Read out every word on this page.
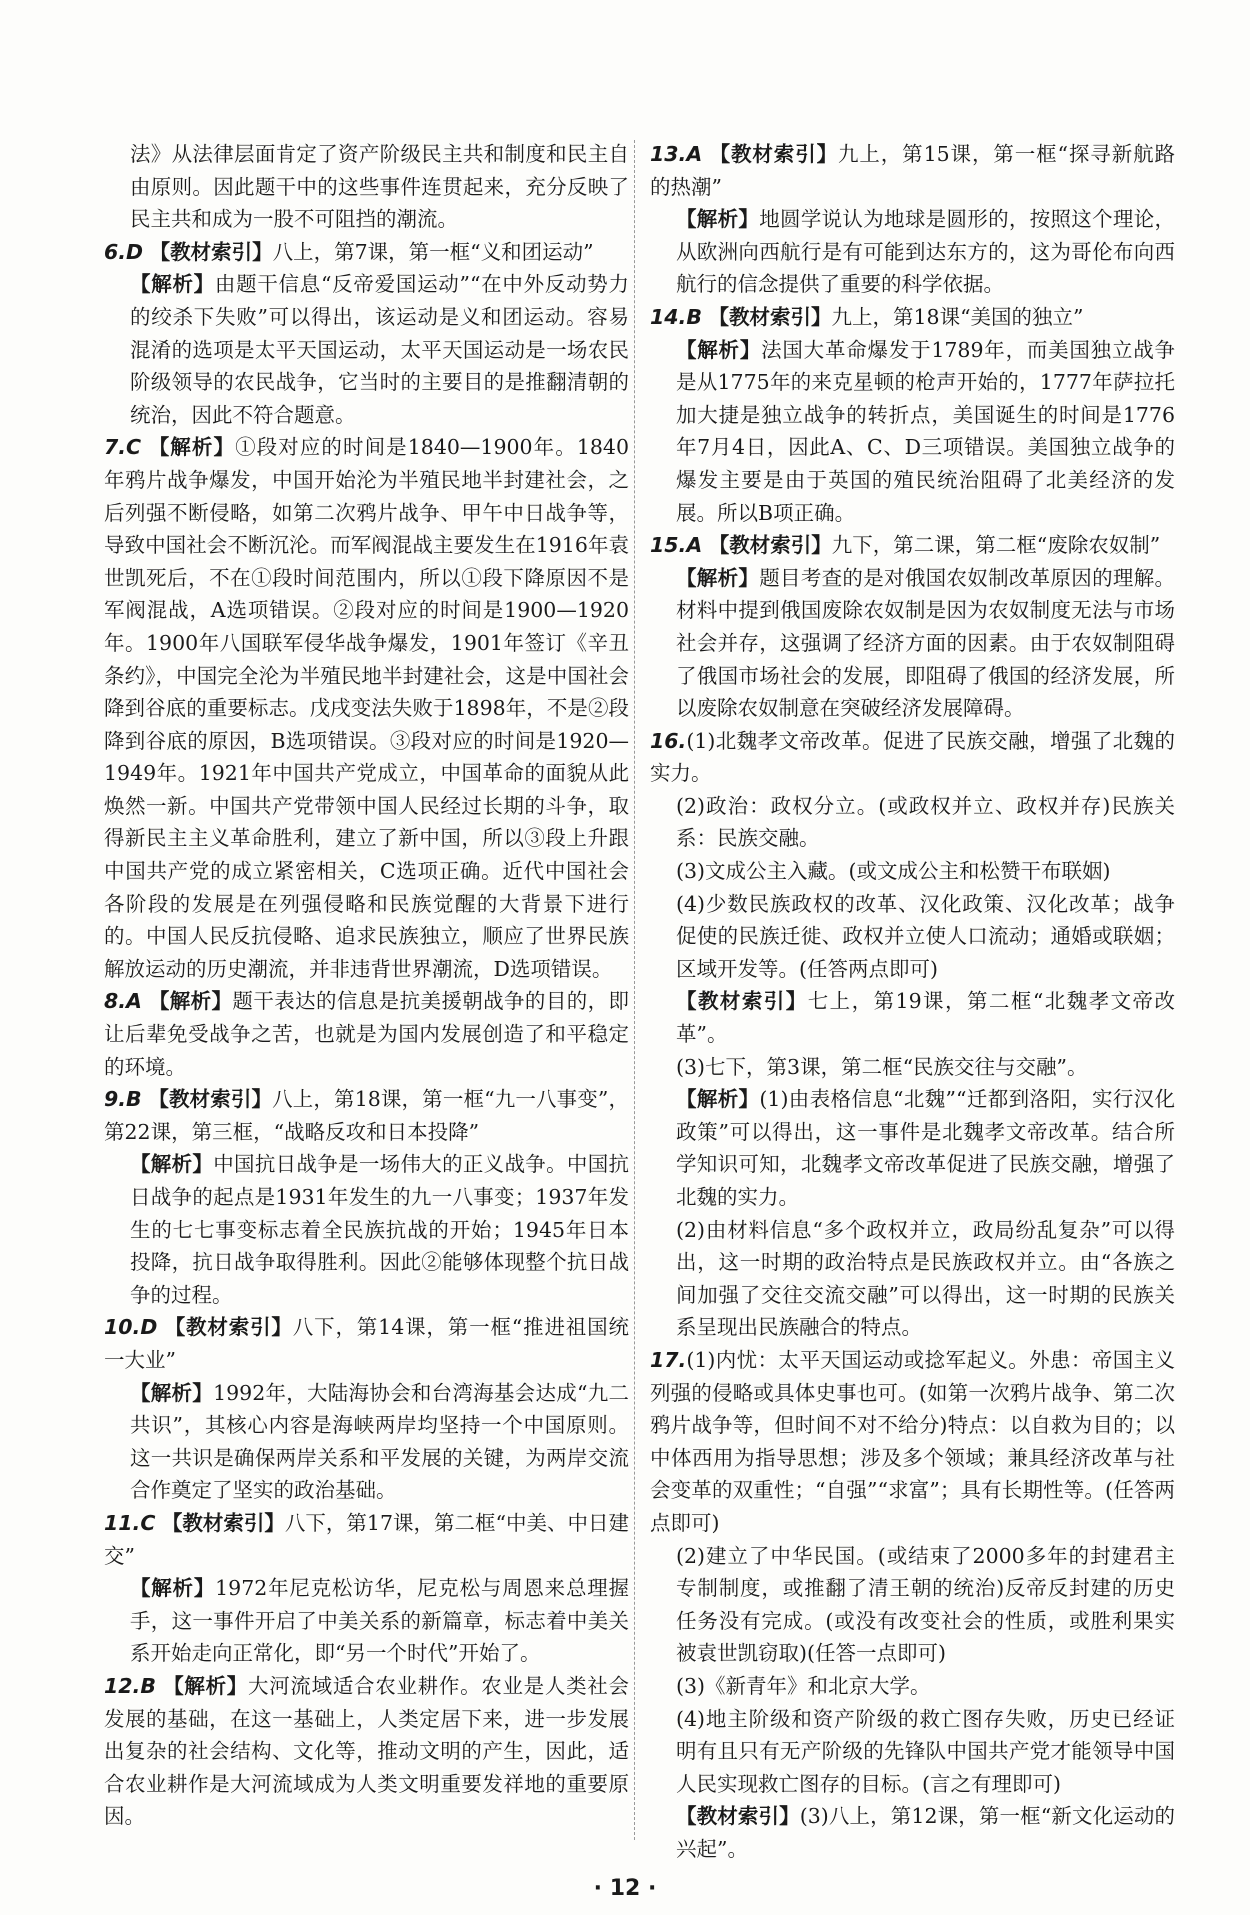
法》从法律层面肯定了资产阶级民主共和制度和民主自由原则。因此题干中的这些事件连贯起来，充分反映了民主共和成为一股不可阻挡的潮流。

6.D 【教材索引】八上，第7课，第一框“义和团运动”

【解析】由题干信息“反帝爱国运动”“在中外反动势力的绞杀下失败”可以得出，该运动是义和团运动。容易混淆的选项是太平天国运动，太平天国运动是一场农民阶级领导的农民战争，它当时的主要目的是推翻清朝的统治，因此不符合题意。

7.C 【解析】①段对应的时间是1840—1900年。1840年鸦片战争爆发，中国开始沦为半殖民地半封建社会，之后列强不断侵略，如第二次鸦片战争、甲午中日战争等，导致中国社会不断沉沦。而军阀混战主要发生在1916年袁世凯死后，不在①段时间范围内，所以①段下降原因不是军阀混战，A选项错误。②段对应的时间是1900—1920年。1900年八国联军侵华战争爆发，1901年签订《辛丑条约》，中国完全沦为半殖民地半封建社会，这是中国社会降到谷底的重要标志。戊戌变法失败于1898年，不是②段降到谷底的原因，B选项错误。③段对应的时间是1920—1949年。1921年中国共产党成立，中国革命的面貌从此焕然一新。中国共产党带领中国人民经过长期的斗争，取得新民主主义革命胜利，建立了新中国，所以③段上升跟中国共产党的成立紧密相关，C选项正确。近代中国社会各阶段的发展是在列强侵略和民族觉醒的大背景下进行的。中国人民反抗侵略、追求民族独立，顺应了世界民族解放运动的历史潮流，并非违背世界潮流，D选项错误。

8.A 【解析】题干表达的信息是抗美援朝战争的目的，即让后辈免受战争之苦，也就是为国内发展创造了和平稳定的环境。

9.B 【教材索引】八上，第18课，第一框“九一八事变”，第22课，第三框，“战略反攻和日本投降”

【解析】中国抗日战争是一场伟大的正义战争。中国抗日战争的起点是1931年发生的九一八事变；1937年发生的七七事变标志着全民族抗战的开始；1945年日本投降，抗日战争取得胜利。因此②能够体现整个抗日战争的过程。

10.D 【教材索引】八下，第14课，第一框“推进祖国统一大业”

【解析】1992年，大陆海协会和台湾海基会达成“九二共识”，其核心内容是海峡两岸均坚持一个中国原则。这一共识是确保两岸关系和平发展的关键，为两岸交流合作奠定了坚实的政治基础。

11.C 【教材索引】八下，第17课，第二框“中美、中日建交”

【解析】1972年尼克松访华，尼克松与周恩来总理握手，这一事件开启了中美关系的新篇章，标志着中美关系开始走向正常化，即“另一个时代”开始了。

12.B 【解析】大河流域适合农业耕作。农业是人类社会发展的基础，在这一基础上，人类定居下来，进一步发展出复杂的社会结构、文化等，推动文明的产生，因此，适合农业耕作是大河流域成为人类文明重要发祥地的重要原因。

13.A 【教材索引】九上，第15课，第一框“探寻新航路的热潮”

【解析】地圆学说认为地球是圆形的，按照这个理论，从欧洲向西航行是有可能到达东方的，这为哥伦布向西航行的信念提供了重要的科学依据。

14.B 【教材索引】九上，第18课“美国的独立”

【解析】法国大革命爆发于1789年，而美国独立战争是从1775年的来克星顿的枪声开始的，1777年萨拉托加大捷是独立战争的转折点，美国诞生的时间是1776年7月4日，因此A、C、D三项错误。美国独立战争的爆发主要是由于英国的殖民统治阻碍了北美经济的发展。所以B项正确。

15.A 【教材索引】九下，第二课，第二框“废除农奴制”

【解析】题目考查的是对俄国农奴制改革原因的理解。材料中提到俄国废除农奴制是因为农奴制度无法与市场社会并存，这强调了经济方面的因素。由于农奴制阻碍了俄国市场社会的发展，即阻碍了俄国的经济发展，所以废除农奴制意在突破经济发展障碍。

16.(1)北魏孝文帝改革。促进了民族交融，增强了北魏的实力。

(2)政治：政权分立。(或政权并立、政权并存)民族关系：民族交融。

(3)文成公主入藏。(或文成公主和松赞干布联姻)

(4)少数民族政权的改革、汉化政策、汉化改革；战争促使的民族迁徙、政权并立使人口流动；通婚或联姻；区域开发等。(任答两点即可)

【教材索引】七上，第19课，第二框“北魏孝文帝改革”。

(3)七下，第3课，第二框“民族交往与交融”。

【解析】(1)由表格信息“北魏”“迁都到洛阳，实行汉化政策”可以得出，这一事件是北魏孝文帝改革。结合所学知识可知，北魏孝文帝改革促进了民族交融，增强了北魏的实力。

(2)由材料信息“多个政权并立，政局纷乱复杂”可以得出，这一时期的政治特点是民族政权并立。由“各族之间加强了交往交流交融”可以得出，这一时期的民族关系呈现出民族融合的特点。

17.(1)内忧：太平天国运动或捻军起义。外患：帝国主义列强的侵略或具体史事也可。(如第一次鸦片战争、第二次鸦片战争等，但时间不对不给分)特点：以自救为目的；以中体西用为指导思想；涉及多个领域；兼具经济改革与社会变革的双重性；“自强”“求富”；具有长期性等。(任答两点即可)

(2)建立了中华民国。(或结束了2000多年的封建君主专制制度，或推翻了清王朝的统治)反帝反封建的历史任务没有完成。(或没有改变社会的性质，或胜利果实被袁世凯窃取)(任答一点即可)

(3)《新青年》和北京大学。

(4)地主阶级和资产阶级的救亡图存失败，历史已经证明有且只有无产阶级的先锋队中国共产党才能领导中国人民实现救亡图存的目标。(言之有理即可)

【教材索引】(3)八上，第12课，第一框“新文化运动的兴起”。

· 12 ·
